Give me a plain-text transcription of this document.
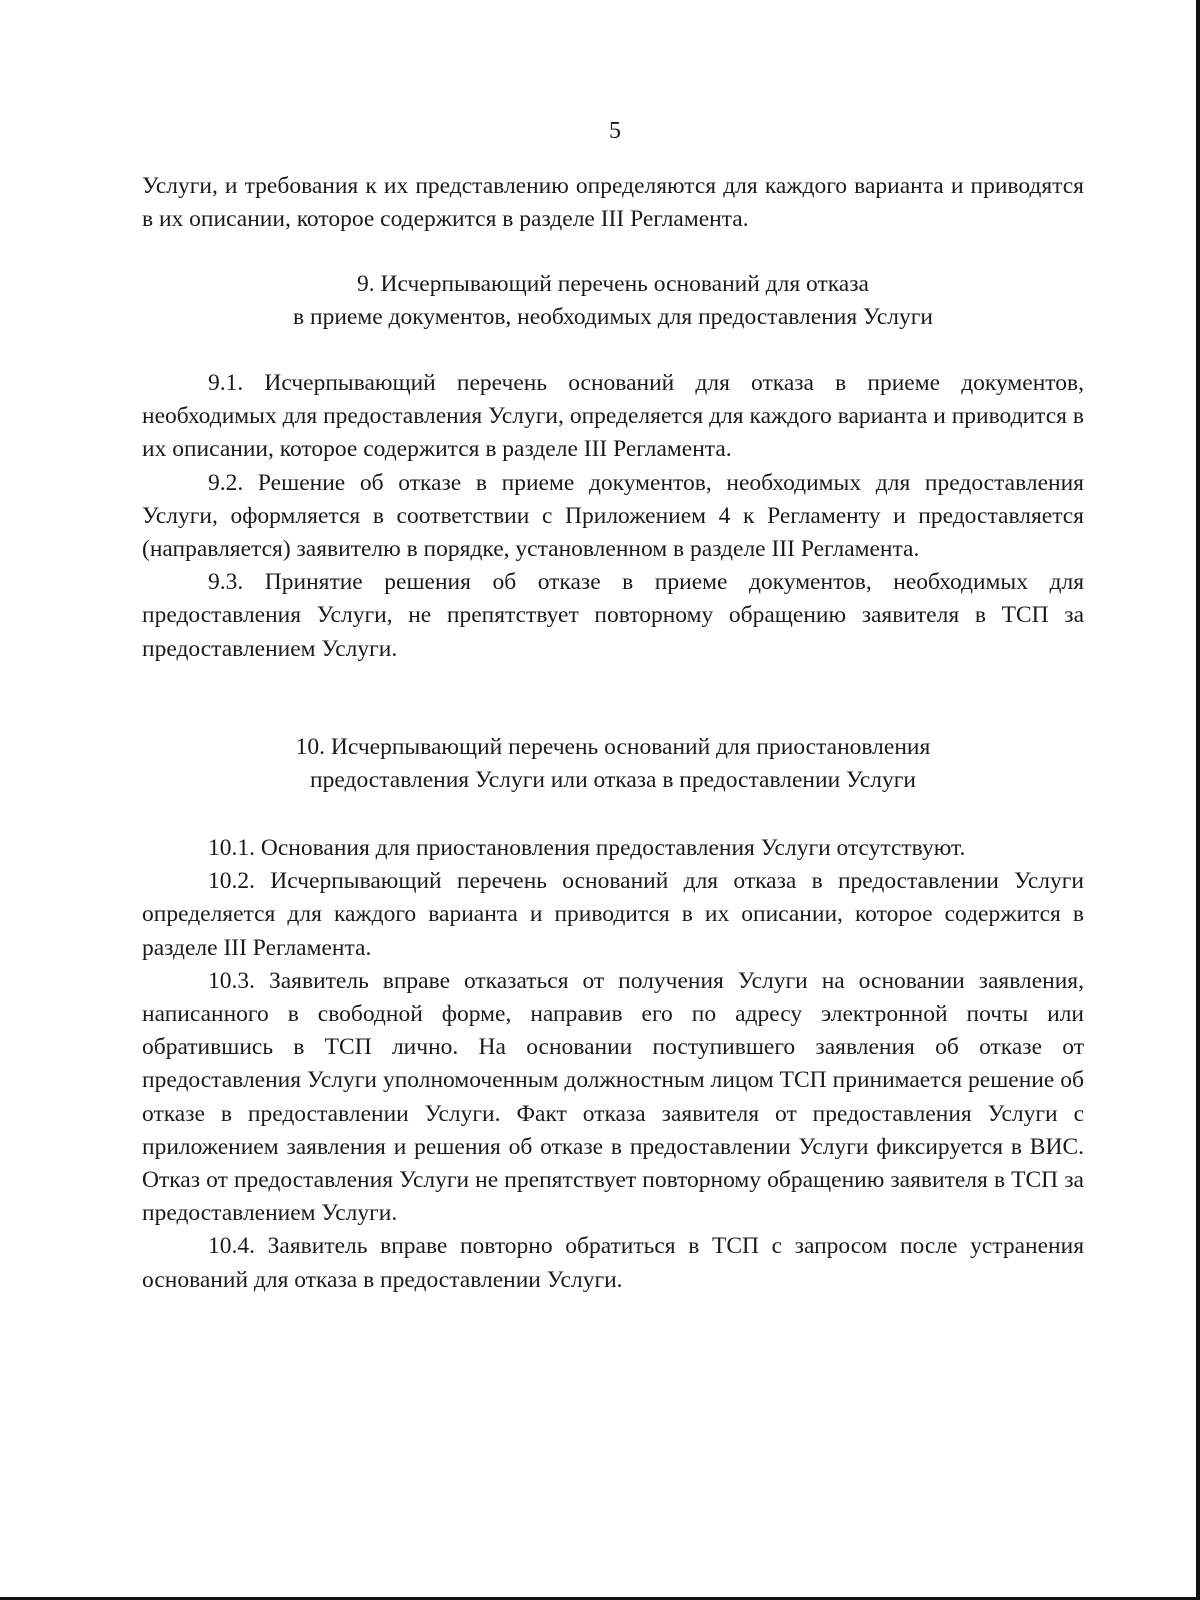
5

Услуги, и требования к их представлению определяются для каждого варианта и приводятся в их описании, которое содержится в разделе III Регламента.

9. Исчерпывающий перечень оснований для отказа
в приеме документов, необходимых для предоставления Услуги

9.1. Исчерпывающий перечень оснований для отказа в приеме документов, необходимых для предоставления Услуги, определяется для каждого варианта и приводится в их описании, которое содержится в разделе III Регламента.

9.2. Решение об отказе в приеме документов, необходимых для предоставления Услуги, оформляется в соответствии с Приложением 4 к Регламенту и предоставляется (направляется) заявителю в порядке, установленном в разделе III Регламента.

9.3. Принятие решения об отказе в приеме документов, необходимых для предоставления Услуги, не препятствует повторному обращению заявителя в ТСП за предоставлением Услуги.

10. Исчерпывающий перечень оснований для приостановления
предоставления Услуги или отказа в предоставлении Услуги

10.1. Основания для приостановления предоставления Услуги отсутствуют.

10.2. Исчерпывающий перечень оснований для отказа в предоставлении Услуги определяется для каждого варианта и приводится в их описании, которое содержится в разделе III Регламента.

10.3. Заявитель вправе отказаться от получения Услуги на основании заявления, написанного в свободной форме, направив его по адресу электронной почты или обратившись в ТСП лично. На основании поступившего заявления об отказе от предоставления Услуги уполномоченным должностным лицом ТСП принимается решение об отказе в предоставлении Услуги. Факт отказа заявителя от предоставления Услуги с приложением заявления и решения об отказе в предоставлении Услуги фиксируется в ВИС. Отказ от предоставления Услуги не препятствует повторному обращению заявителя в ТСП за предоставлением Услуги.

10.4. Заявитель вправе повторно обратиться в ТСП с запросом после устранения оснований для отказа в предоставлении Услуги.
